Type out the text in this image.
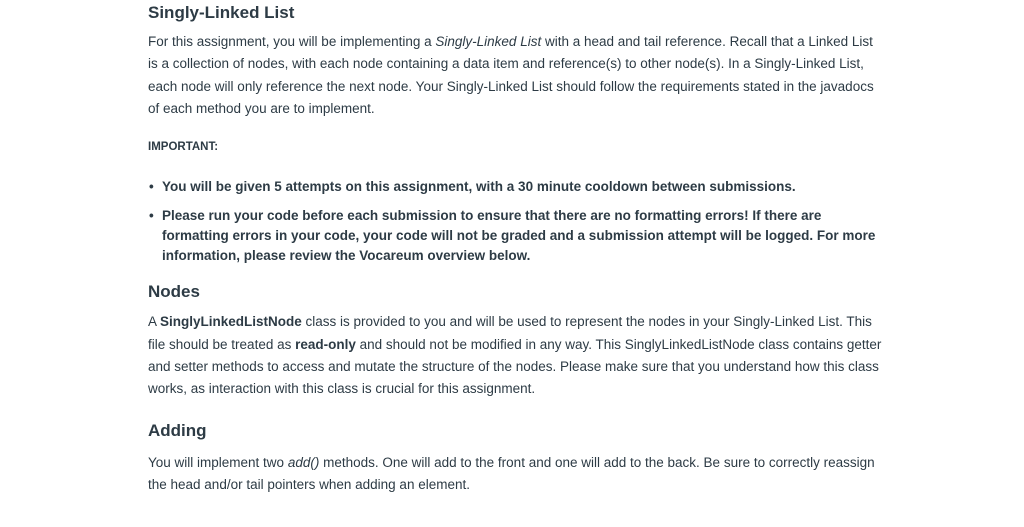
Singly-Linked List

For this assignment, you will be implementing a Singly-Linked List with a head and tail reference. Recall that a Linked List is a collection of nodes, with each node containing a data item and reference(s) to other node(s). In a Singly-Linked List, each node will only reference the next node. Your Singly-Linked List should follow the requirements stated in the javadocs of each method you are to implement.

IMPORTANT:
• You will be given 5 attempts on this assignment, with a 30 minute cooldown between submissions.
• Please run your code before each submission to ensure that there are no formatting errors! If there are formatting errors in your code, your code will not be graded and a submission attempt will be logged. For more information, please review the Vocareum overview below.
Nodes

A SinglyLinkedListNode class is provided to you and will be used to represent the nodes in your Singly-Linked List. This file should be treated as read-only and should not be modified in any way. This SinglyLinkedListNode class contains getter and setter methods to access and mutate the structure of the nodes. Please make sure that you understand how this class works, as interaction with this class is crucial for this assignment.

Adding

You will implement two add() methods. One will add to the front and one will add to the back. Be sure to correctly reassign the head and/or tail pointers when adding an element.
